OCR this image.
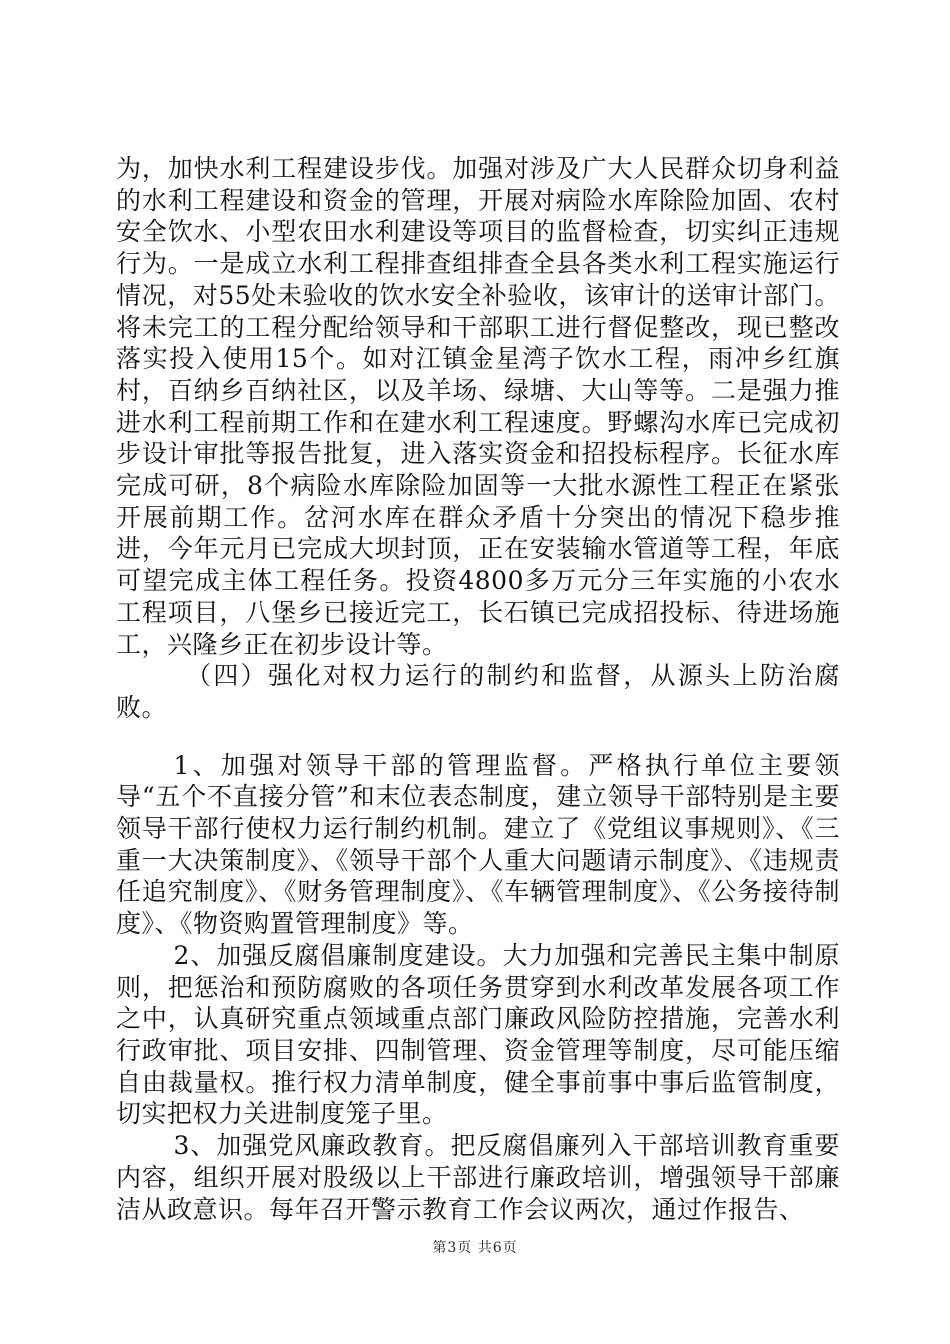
为，加快水利工程建设步伐。加强对涉及广大人民群众切身利益的水利工程建设和资金的管理，开展对病险水库除险加固、农村安全饮水、小型农田水利建设等项目的监督检查，切实纠正违规行为。一是成立水利工程排查组排查全县各类水利工程实施运行情况，对55处未验收的饮水安全补验收，该审计的送审计部门。将未完工的工程分配给领导和干部职工进行督促整改，现已整改落实投入使用15个。如对江镇金星湾子饮水工程，雨冲乡红旗村，百纳乡百纳社区，以及羊场、绿塘、大山等等。二是强力推进水利工程前期工作和在建水利工程速度。野螺沟水库已完成初步设计审批等报告批复，进入落实资金和招投标程序。长征水库完成可研，8个病险水库除险加固等一大批水源性工程正在紧张开展前期工作。岔河水库在群众矛盾十分突出的情况下稳步推进，今年元月已完成大坝封顶，正在安装输水管道等工程，年底可望完成主体工程任务。投资4800多万元分三年实施的小农水工程项目，八堡乡已接近完工，长石镇已完成招投标、待进场施工，兴隆乡正在初步设计等。

（四）强化对权力运行的制约和监督，从源头上防治腐败。

1、加强对领导干部的管理监督。严格执行单位主要领导“五个不直接分管”和末位表态制度，建立领导干部特别是主要领导干部行使权力运行制约机制。建立了《党组议事规则》、《三重一大决策制度》、《领导干部个人重大问题请示制度》、《违规责任追究制度》、《财务管理制度》、《车辆管理制度》、《公务接待制度》、《物资购置管理制度》等。

2、加强反腐倡廉制度建设。大力加强和完善民主集中制原则，把惩治和预防腐败的各项任务贯穿到水利改革发展各项工作之中，认真研究重点领域重点部门廉政风险防控措施，完善水利行政审批、项目安排、四制管理、资金管理等制度，尽可能压缩自由裁量权。推行权力清单制度，健全事前事中事后监管制度，切实把权力关进制度笼子里。

3、加强党风廉政教育。把反腐倡廉列入干部培训教育重要内容，组织开展对股级以上干部进行廉政培训，增强领导干部廉洁从政意识。每年召开警示教育工作会议两次，通过作报告、

第3页 共6页
